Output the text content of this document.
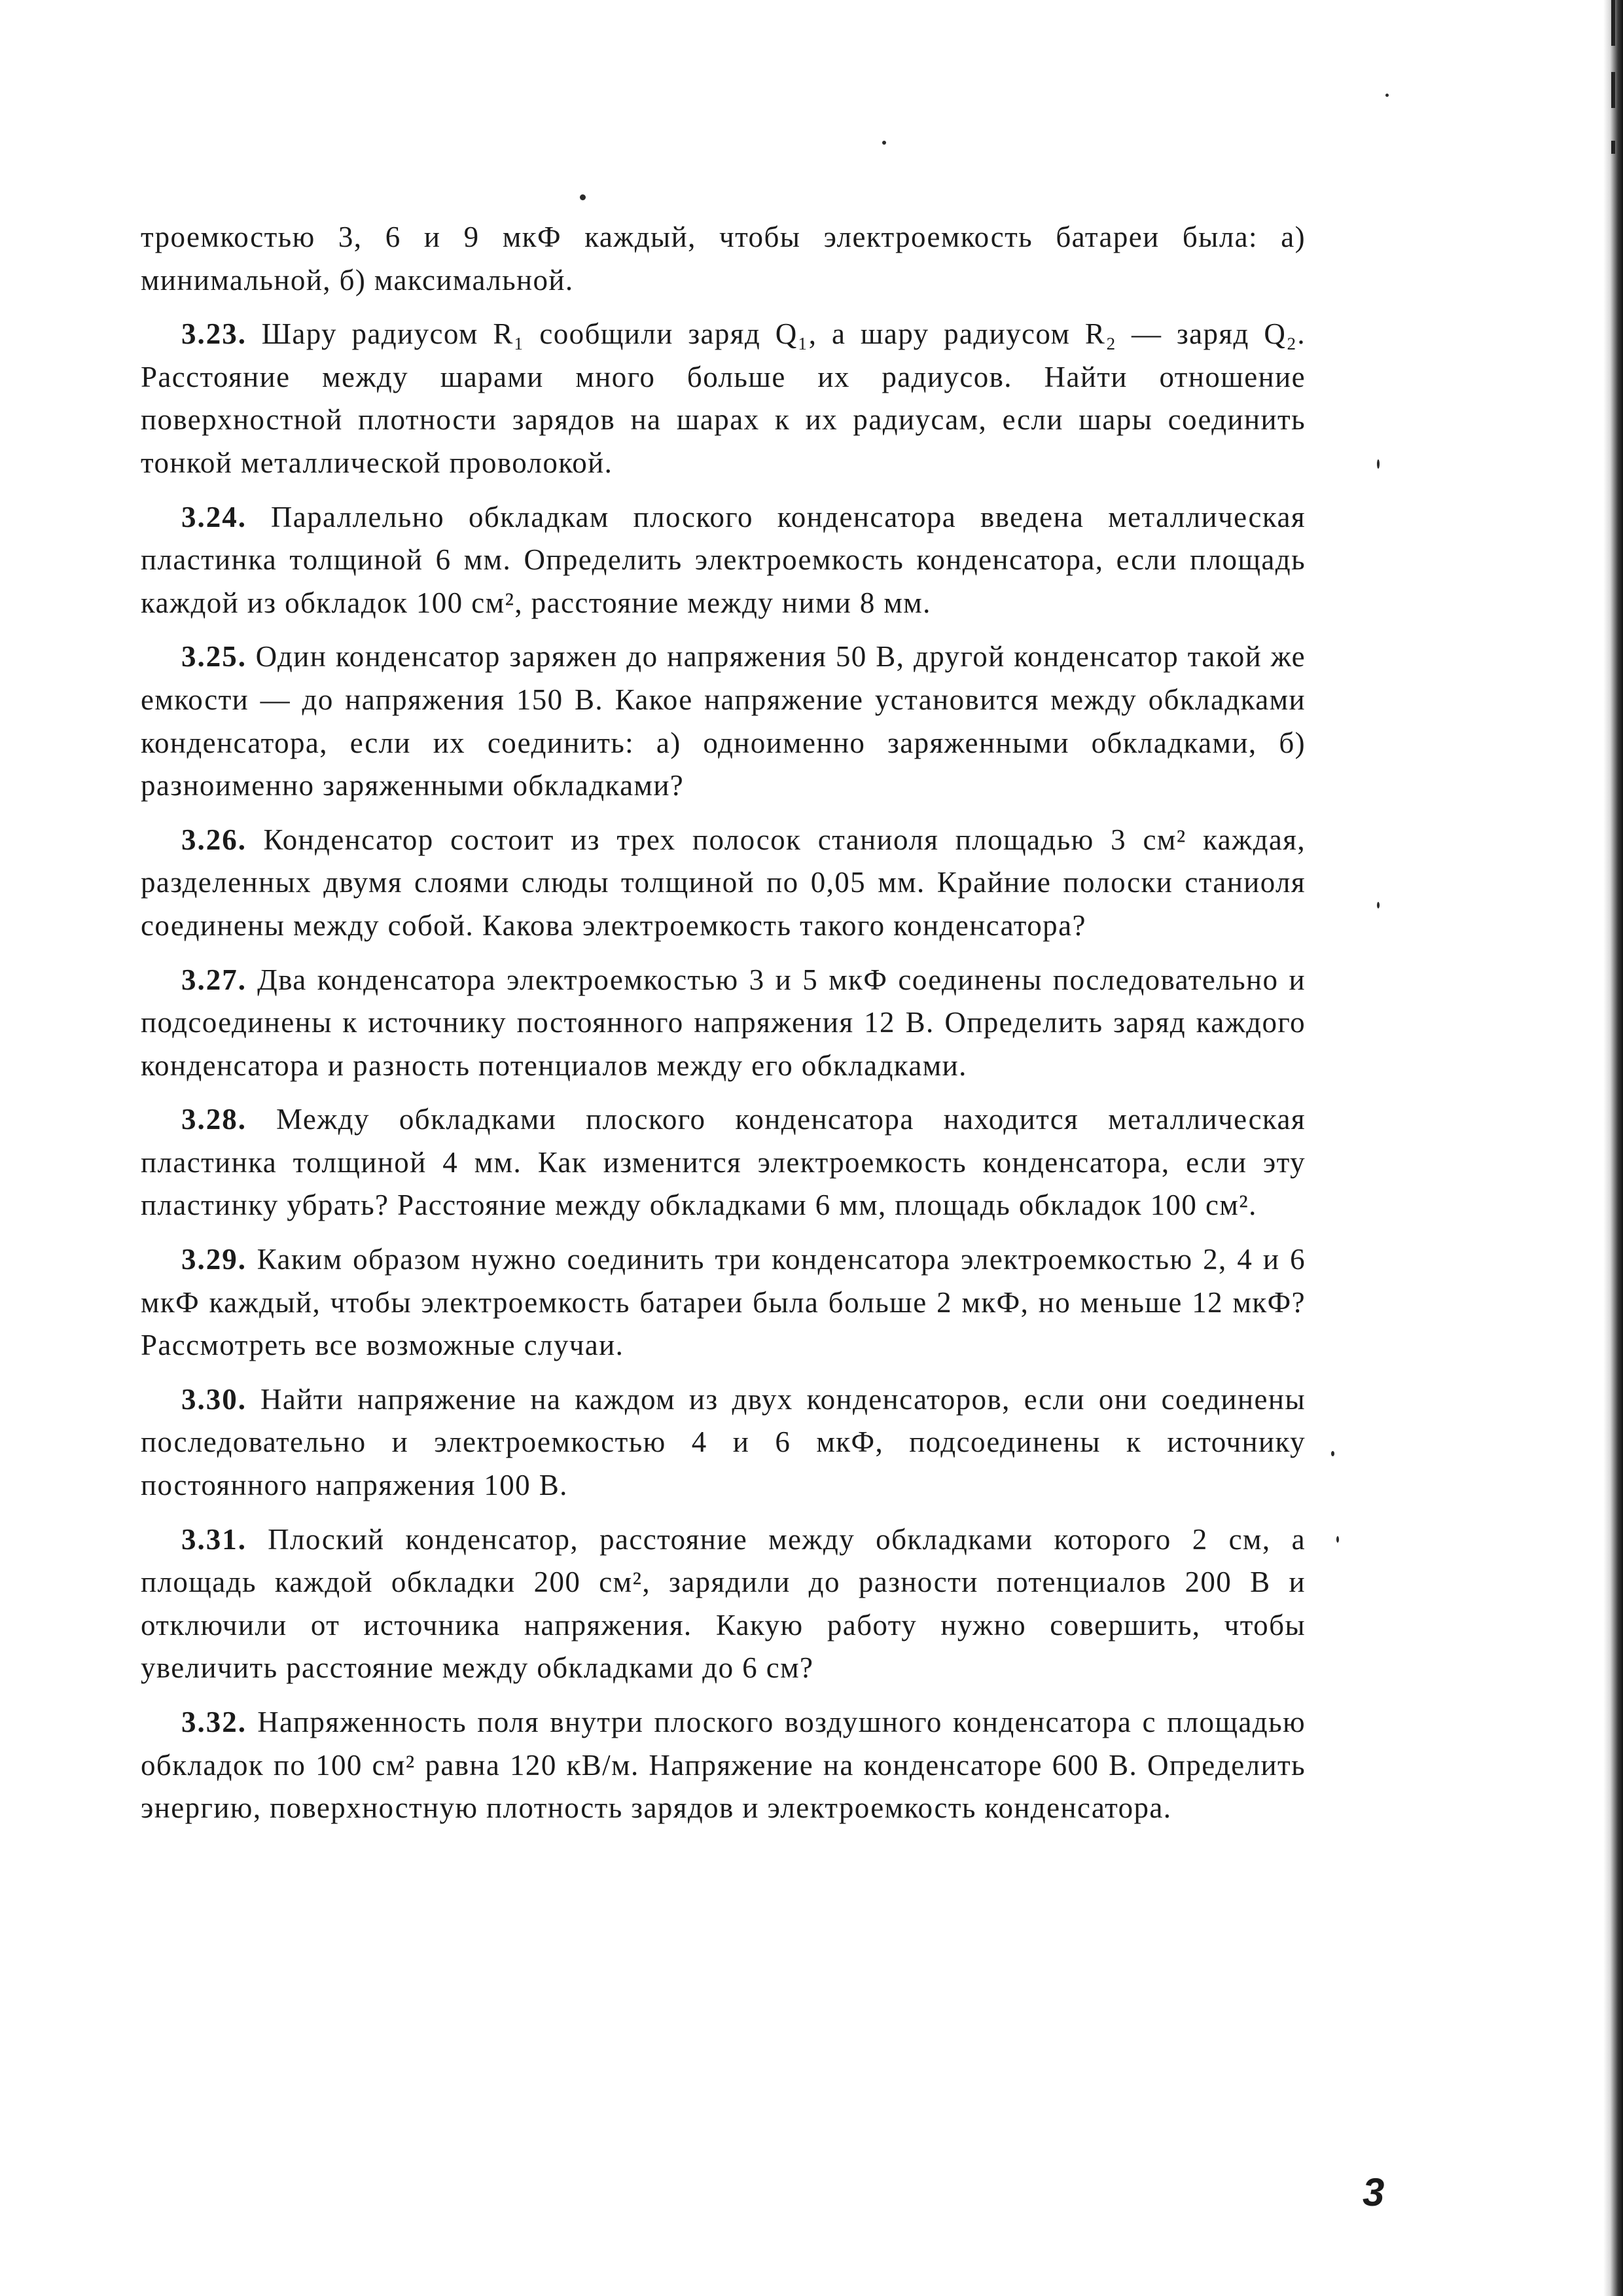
троемкостью 3, 6 и 9 мкФ каждый, чтобы электроемкость батареи была: а) минимальной, б) максимальной.

3.23. Шару радиусом R₁ сообщили заряд Q₁, а шару радиусом R₂ — заряд Q₂. Расстояние между шарами много больше их радиусов. Найти отношение поверхностной плотности зарядов на шарах к их радиусам, если шары соединить тонкой металлической проволокой.

3.24. Параллельно обкладкам плоского конденсатора введена металлическая пластинка толщиной 6 мм. Определить электроемкость конденсатора, если площадь каждой из обкладок 100 см², расстояние между ними 8 мм.

3.25. Один конденсатор заряжен до напряжения 50 В, другой конденсатор такой же емкости — до напряжения 150 В. Какое напряжение установится между обкладками конденсатора, если их соединить: а) одноименно заряженными обкладками, б) разноименно заряженными обкладками?

3.26. Конденсатор состоит из трех полосок станиоля площадью 3 см² каждая, разделенных двумя слоями слюды толщиной по 0,05 мм. Крайние полоски станиоля соединены между собой. Какова электроемкость такого конденсатора?

3.27. Два конденсатора электроемкостью 3 и 5 мкФ соединены последовательно и подсоединены к источнику постоянного напряжения 12 В. Определить заряд каждого конденсатора и разность потенциалов между его обкладками.

3.28. Между обкладками плоского конденсатора находится металлическая пластинка толщиной 4 мм. Как изменится электроемкость конденсатора, если эту пластинку убрать? Расстояние между обкладками 6 мм, площадь обкладок 100 см².

3.29. Каким образом нужно соединить три конденсатора электроемкостью 2, 4 и 6 мкФ каждый, чтобы электроемкость батареи была больше 2 мкФ, но меньше 12 мкФ? Рассмотреть все возможные случаи.

3.30. Найти напряжение на каждом из двух конденсаторов, если они соединены последовательно и электроемкостью 4 и 6 мкФ, подсоединены к источнику постоянного напряжения 100 В.

3.31. Плоский конденсатор, расстояние между обкладками которого 2 см, а площадь каждой обкладки 200 см², зарядили до разности потенциалов 200 В и отключили от источника напряжения. Какую работу нужно совершить, чтобы увеличить расстояние между обкладками до 6 см?

3.32. Напряженность поля внутри плоского воздушного конденсатора с площадью обкладок по 100 см² равна 120 кВ/м. Напряжение на конденсаторе 600 В. Определить энергию, поверхностную плотность зарядов и электроемкость конденсатора.

3
